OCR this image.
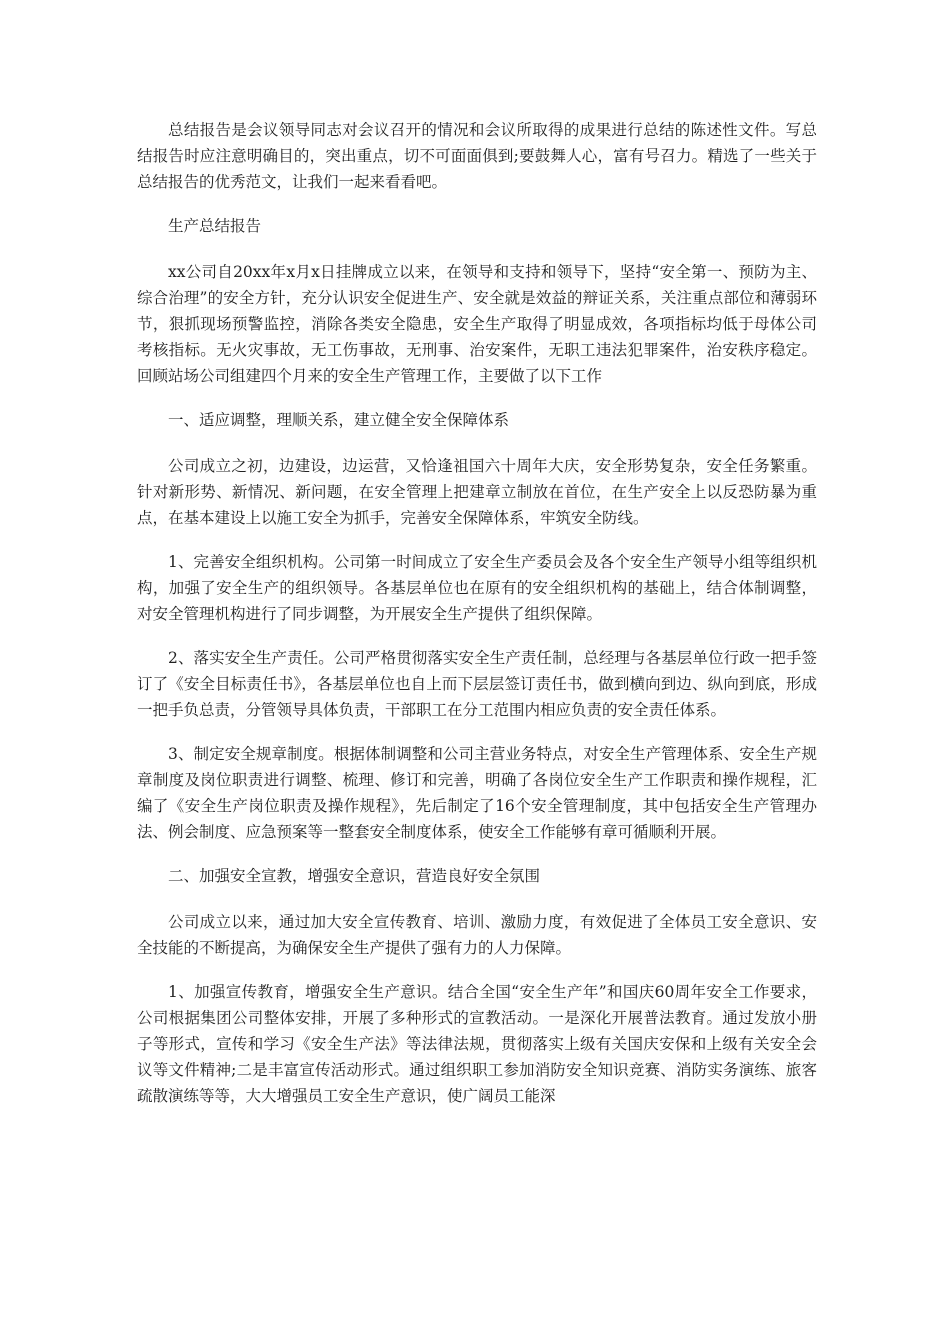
总结报告是会议领导同志对会议召开的情况和会议所取得的成果进行总结的陈述性文件。写总结报告时应注意明确目的，突出重点，切不可面面俱到;要鼓舞人心，富有号召力。精选了一些关于总结报告的优秀范文，让我们一起来看看吧。

生产总结报告

xx公司自20xx年x月x日挂牌成立以来，在领导和支持和领导下，坚持“安全第一、预防为主、综合治理”的安全方针，充分认识安全促进生产、安全就是效益的辩证关系，关注重点部位和薄弱环节，狠抓现场预警监控，消除各类安全隐患，安全生产取得了明显成效，各项指标均低于母体公司考核指标。无火灾事故，无工伤事故，无刑事、治安案件，无职工违法犯罪案件，治安秩序稳定。回顾站场公司组建四个月来的安全生产管理工作，主要做了以下工作

一、适应调整，理顺关系，建立健全安全保障体系

公司成立之初，边建设，边运营，又恰逢祖国六十周年大庆，安全形势复杂，安全任务繁重。针对新形势、新情况、新问题，在安全管理上把建章立制放在首位，在生产安全上以反恐防暴为重点，在基本建设上以施工安全为抓手，完善安全保障体系，牢筑安全防线。

1、完善安全组织机构。公司第一时间成立了安全生产委员会及各个安全生产领导小组等组织机构，加强了安全生产的组织领导。各基层单位也在原有的安全组织机构的基础上，结合体制调整，对安全管理机构进行了同步调整，为开展安全生产提供了组织保障。

2、落实安全生产责任。公司严格贯彻落实安全生产责任制，总经理与各基层单位行政一把手签订了《安全目标责任书》，各基层单位也自上而下层层签订责任书，做到横向到边、纵向到底，形成一把手负总责，分管领导具体负责，干部职工在分工范围内相应负责的安全责任体系。

3、制定安全规章制度。根据体制调整和公司主营业务特点，对安全生产管理体系、安全生产规章制度及岗位职责进行调整、梳理、修订和完善，明确了各岗位安全生产工作职责和操作规程，汇编了《安全生产岗位职责及操作规程》，先后制定了16个安全管理制度，其中包括安全生产管理办法、例会制度、应急预案等一整套安全制度体系，使安全工作能够有章可循顺利开展。

二、加强安全宣教，增强安全意识，营造良好安全氛围

公司成立以来，通过加大安全宣传教育、培训、激励力度，有效促进了全体员工安全意识、安全技能的不断提高，为确保安全生产提供了强有力的人力保障。

1、加强宣传教育，增强安全生产意识。结合全国“安全生产年”和国庆60周年安全工作要求，公司根据集团公司整体安排，开展了多种形式的宣教活动。一是深化开展普法教育。通过发放小册子等形式，宣传和学习《安全生产法》等法律法规，贯彻落实上级有关国庆安保和上级有关安全会议等文件精神;二是丰富宣传活动形式。通过组织职工参加消防安全知识竞赛、消防实务演练、旅客疏散演练等等，大大增强员工安全生产意识，使广阔员工能深
